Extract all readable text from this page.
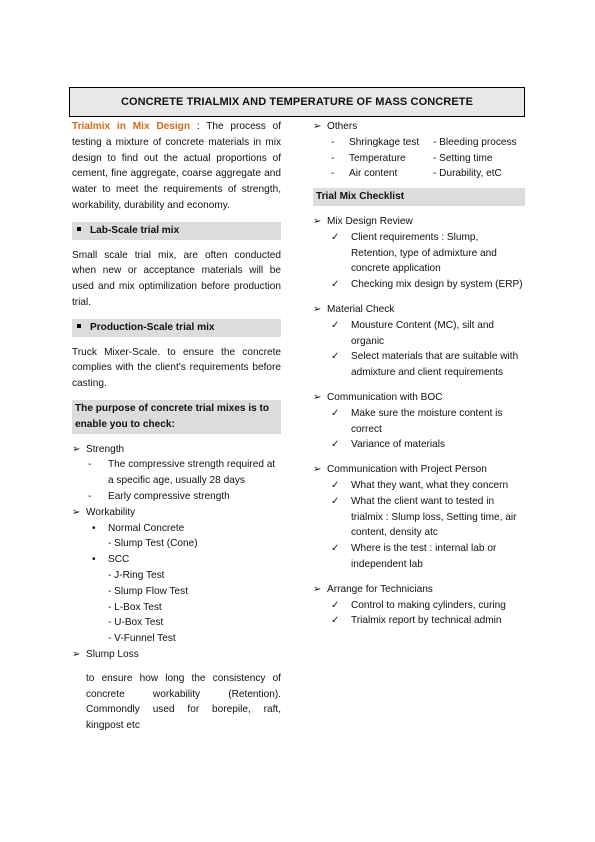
CONCRETE TRIALMIX AND TEMPERATURE OF MASS CONCRETE
Trialmix in Mix Design : The process of testing a mixture of concrete materials in mix design to find out the actual proportions of cement, fine aggregate, coarse aggregate and water to meet the requirements of strength, workability, durability and economy.
Lab-Scale trial mix
Small scale trial mix, are often conducted when new or acceptance materials will be used and mix optimilization before production trial.
Production-Scale trial mix
Truck Mixer-Scale. to ensure the concrete complies with the client's requirements before casting.
The purpose of concrete trial mixes is to enable you to check:
➢ Strength
-	The compressive strength required at a specific age, usually 28 days
-	Early compressive strength
➢ Workability
•	Normal Concrete
- Slump Test (Cone)
•	SCC
- J-Ring Test
- Slump Flow Test
- L-Box Test
- U-Box Test
- V-Funnel Test
➢ Slump Loss
to ensure how long the consistency of concrete workability (Retention). Commondly used for borepile, raft, kingpost etc
➢ Others
-	Shringkage test	- Bleeding process
-	Temperature	- Setting time
-	Air content	- Durability, etC
Trial Mix Checklist
➢ Mix Design Review
✓	Client requirements : Slump, Retention, type of admixture and concrete application
✓	Checking mix design by system (ERP)
➢ Material Check
✓	Mousture Content (MC), silt and organic
✓	Select materials that are suitable with admixture and client requirements
➢ Communication with BOC
✓	Make sure the moisture content is correct
✓	Variance of materials
➢ Communication with Project Person
✓	What they want, what they concern
✓	What the client want to tested in trialmix : Slump loss, Setting time, air content, density atc
✓	Where is the test : internal lab or independent lab
➢ Arrange for Technicians
✓	Control to making cylinders, curing
✓	Trialmix report by technical admin
